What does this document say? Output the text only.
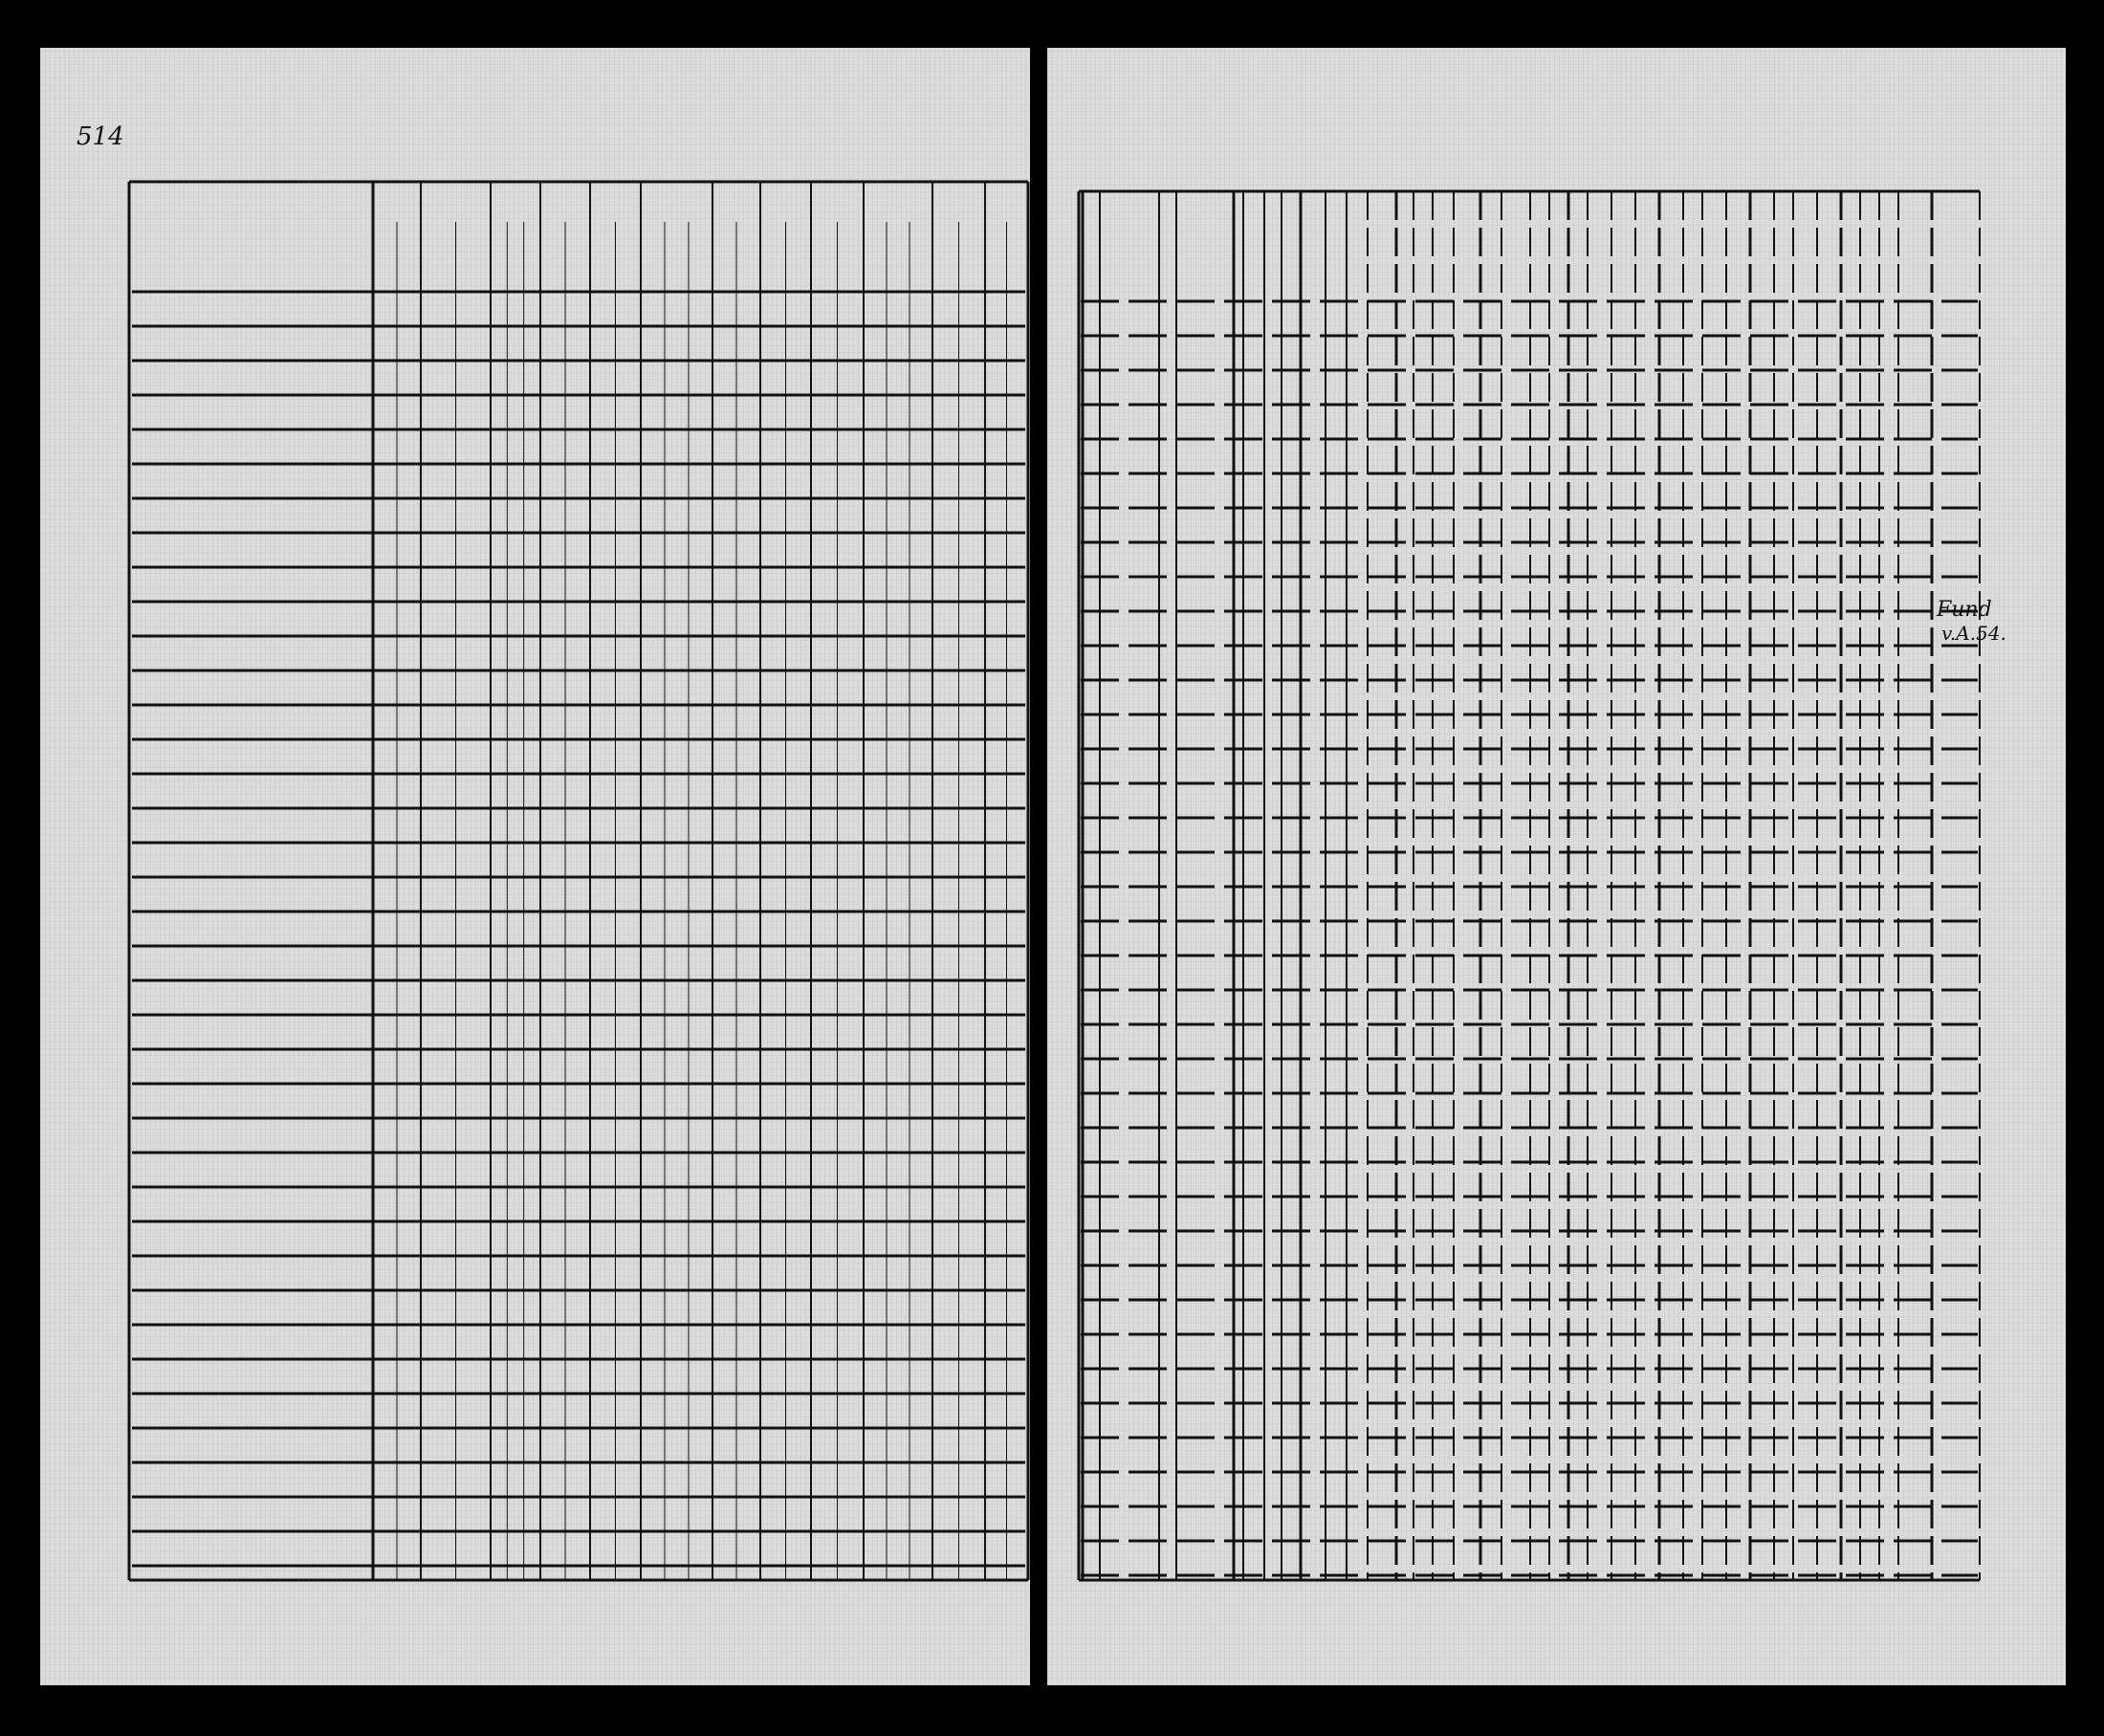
514
Fund
v.A.54.
